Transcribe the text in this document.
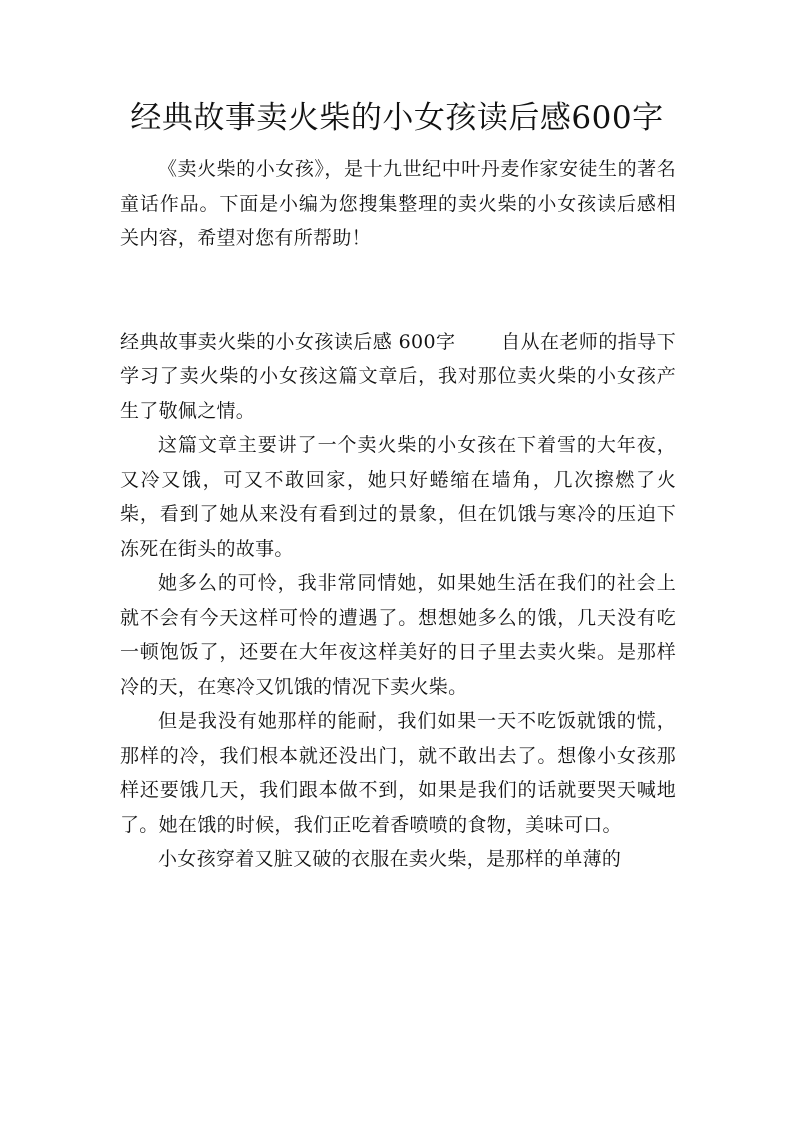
经典故事卖火柴的小女孩读后感600字

《卖火柴的小女孩》，是十九世纪中叶丹麦作家安徒生的著名童话作品。下面是小编为您搜集整理的卖火柴的小女孩读后感相关内容，希望对您有所帮助！

经典故事卖火柴的小女孩读后感 600字 自从在老师的指导下学习了卖火柴的小女孩这篇文章后，我对那位卖火柴的小女孩产生了敬佩之情。

这篇文章主要讲了一个卖火柴的小女孩在下着雪的大年夜，又冷又饿，可又不敢回家，她只好蜷缩在墙角，几次擦燃了火柴，看到了她从来没有看到过的景象，但在饥饿与寒冷的压迫下冻死在街头的故事。

她多么的可怜，我非常同情她，如果她生活在我们的社会上就不会有今天这样可怜的遭遇了。想想她多么的饿，几天没有吃一顿饱饭了，还要在大年夜这样美好的日子里去卖火柴。是那样冷的天，在寒冷又饥饿的情况下卖火柴。

但是我没有她那样的能耐，我们如果一天不吃饭就饿的慌，那样的冷，我们根本就还没出门，就不敢出去了。想像小女孩那样还要饿几天，我们跟本做不到，如果是我们的话就要哭天喊地了。她在饿的时候，我们正吃着香喷喷的食物，美味可口。

小女孩穿着又脏又破的衣服在卖火柴，是那样的单薄的
